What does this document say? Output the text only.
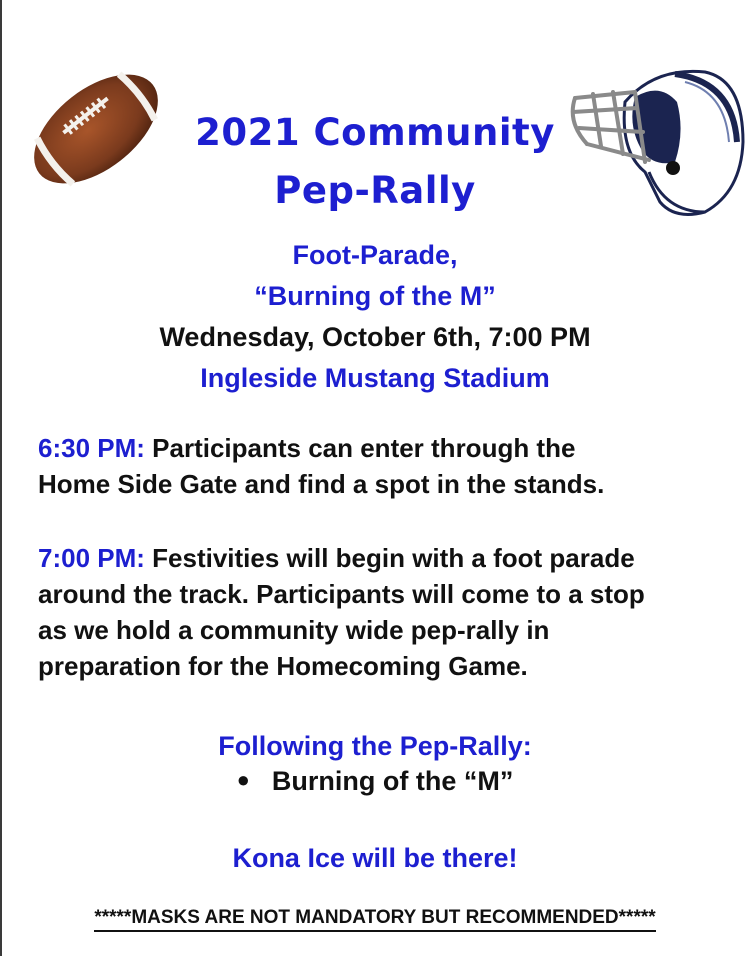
2021 Community
Pep-Rally
Foot-Parade,
“Burning of the M”
Wednesday, October 6th, 7:00 PM
Ingleside Mustang Stadium
6:30 PM: Participants can enter through the
Home Side Gate and find a spot in the stands.
7:00 PM: Festivities will begin with a foot parade
around the track. Participants will come to a stop
as we hold a community wide pep-rally in
preparation for the Homecoming Game.
Following the Pep-Rally:
● Burning of the “M”
Kona Ice will be there!
*****MASKS ARE NOT MANDATORY BUT RECOMMENDED*****
